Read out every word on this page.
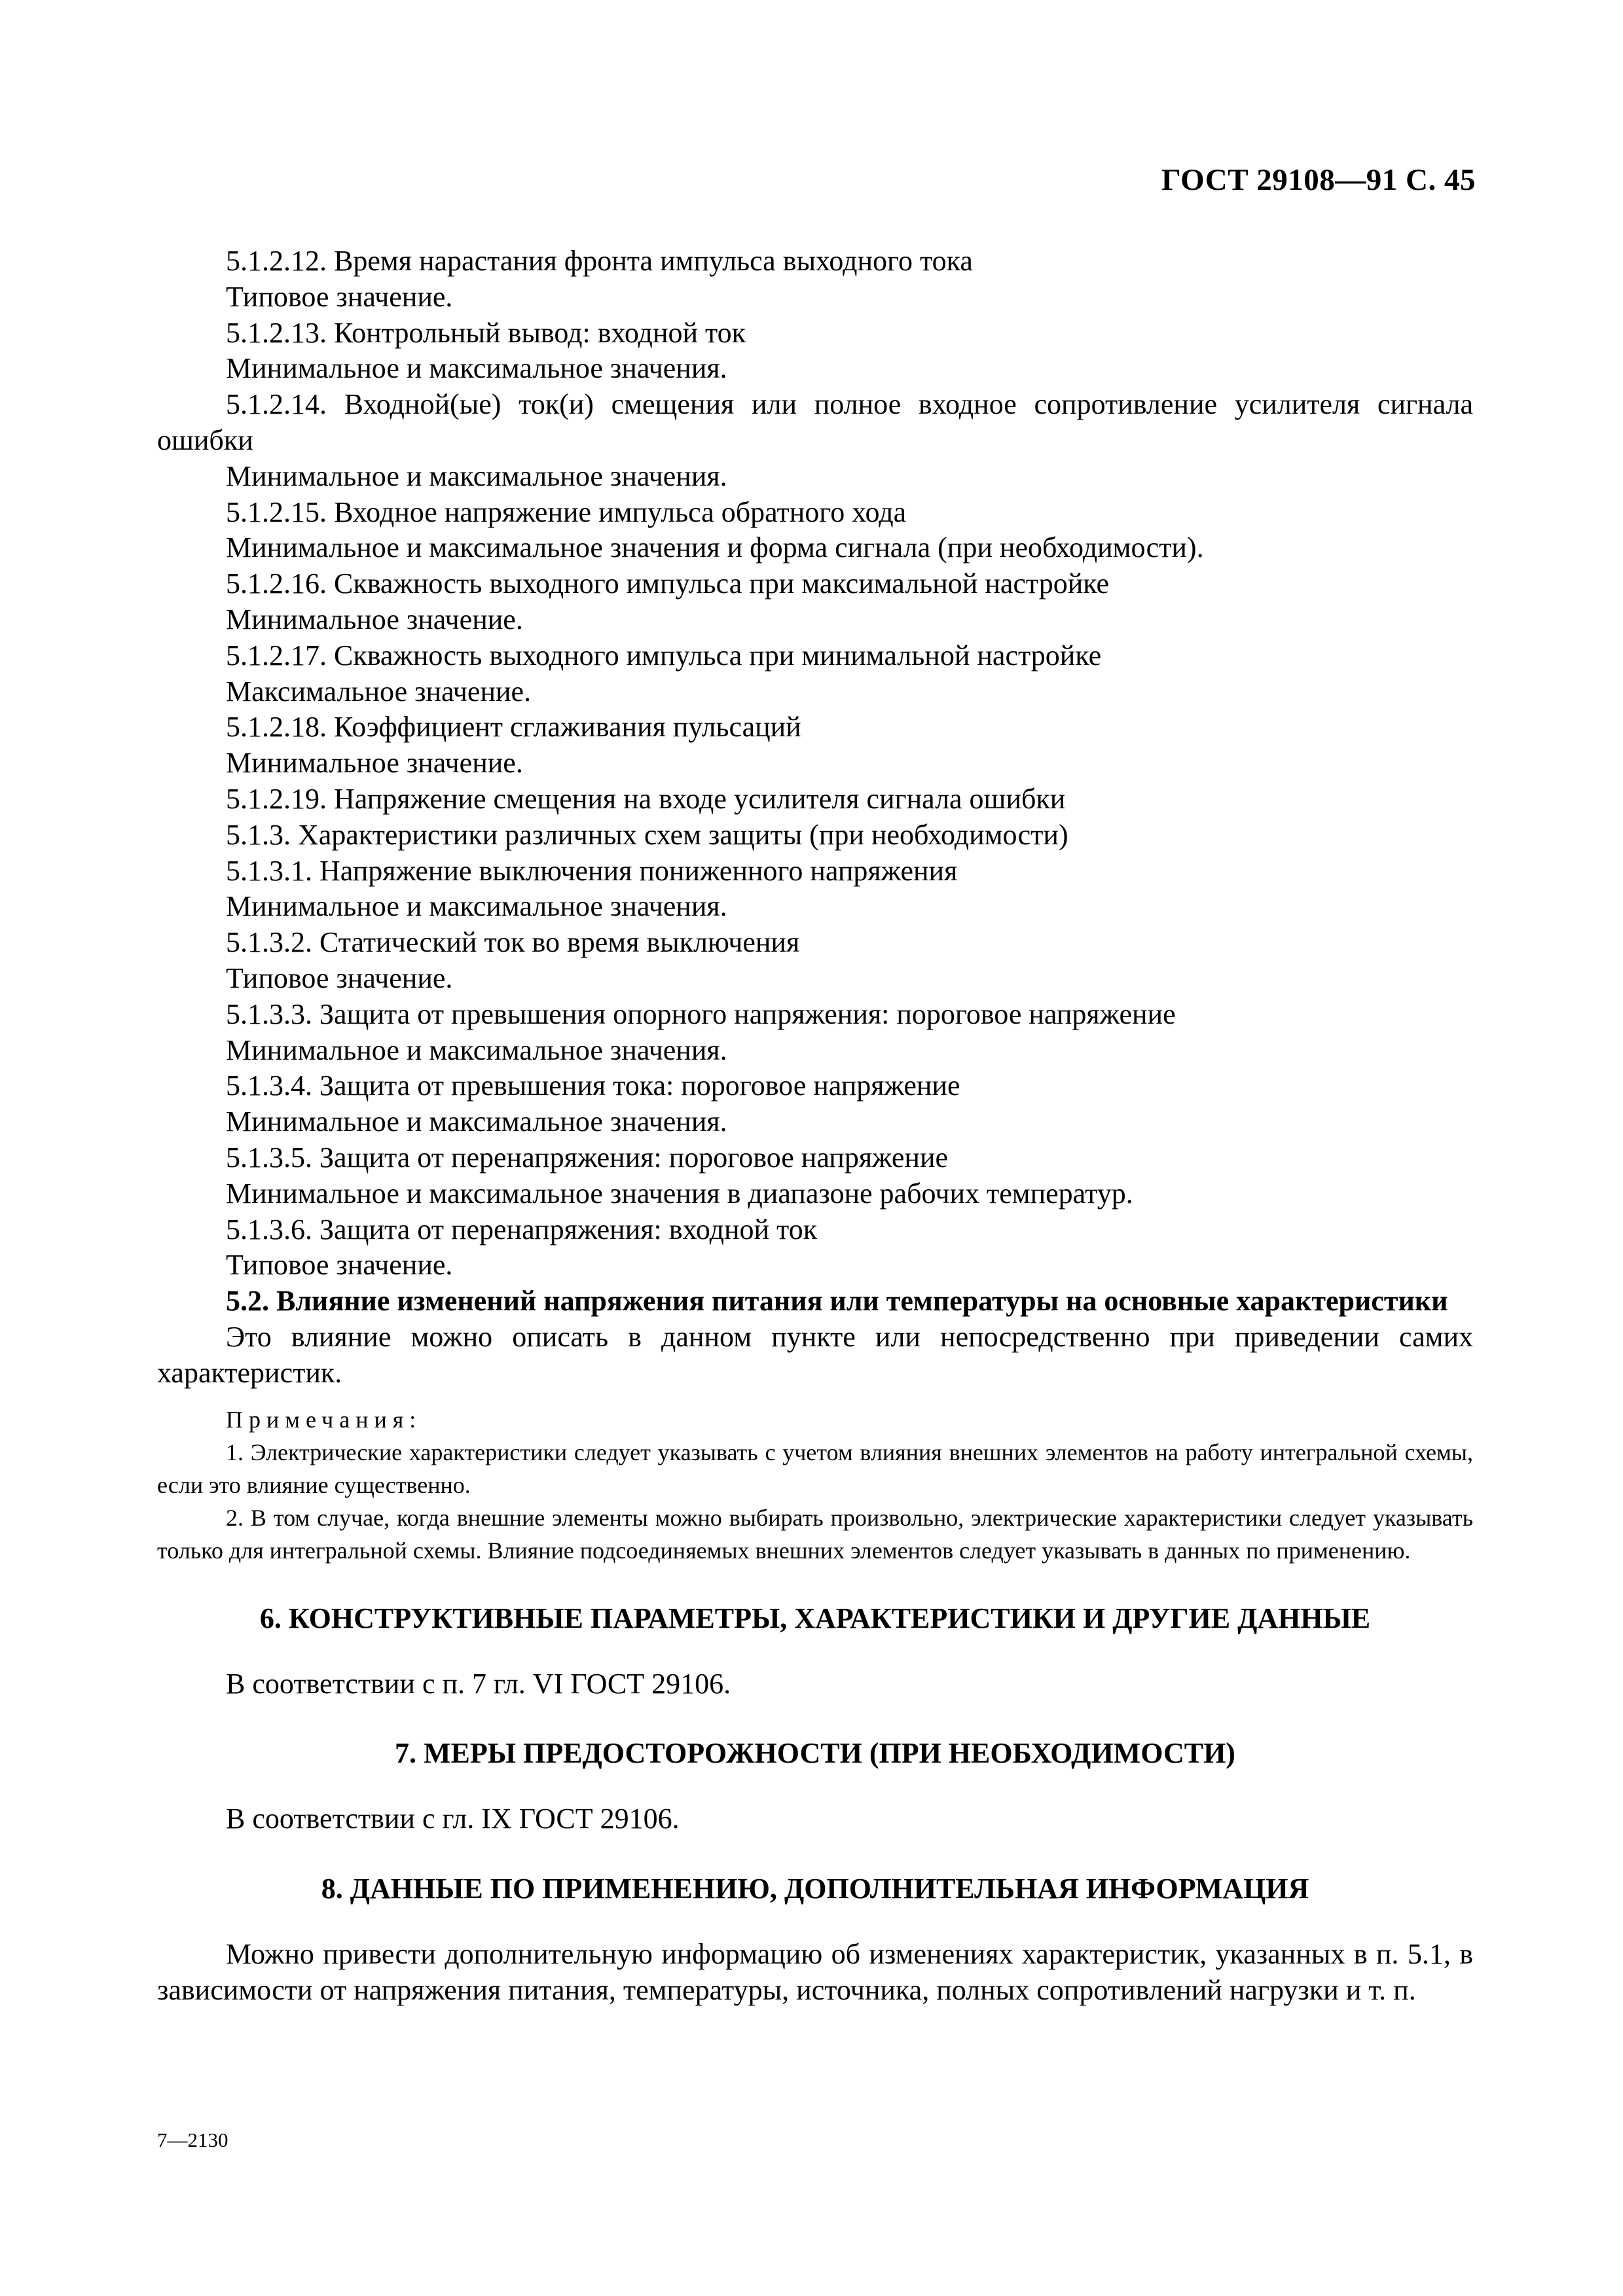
ГОСТ 29108—91 С. 45

5.1.2.12. Время нарастания фронта импульса выходного тока

Типовое значение.

5.1.2.13. Контрольный вывод: входной ток

Минимальное и максимальное значения.

5.1.2.14. Входной(ые) ток(и) смещения или полное входное сопротивление усилителя сигнала ошибки

Минимальное и максимальное значения.

5.1.2.15. Входное напряжение импульса обратного хода

Минимальное и максимальное значения и форма сигнала (при необходимости).

5.1.2.16. Скважность выходного импульса при максимальной настройке

Минимальное значение.

5.1.2.17. Скважность выходного импульса при минимальной настройке

Максимальное значение.

5.1.2.18. Коэффициент сглаживания пульсаций

Минимальное значение.

5.1.2.19. Напряжение смещения на входе усилителя сигнала ошибки

5.1.3. Характеристики различных схем защиты (при необходимости)

5.1.3.1. Напряжение выключения пониженного напряжения

Минимальное и максимальное значения.

5.1.3.2. Статический ток во время выключения

Типовое значение.

5.1.3.3. Защита от превышения опорного напряжения: пороговое напряжение

Минимальное и максимальное значения.

5.1.3.4. Защита от превышения тока: пороговое напряжение

Минимальное и максимальное значения.

5.1.3.5. Защита от перенапряжения: пороговое напряжение

Минимальное и максимальное значения в диапазоне рабочих температур.

5.1.3.6. Защита от перенапряжения: входной ток

Типовое значение.

5.2. Влияние изменений напряжения питания или температуры на основные характеристики

Это влияние можно описать в данном пункте или непосредственно при приведении самих характеристик.

Примечания:

1. Электрические характеристики следует указывать с учетом влияния внешних элементов на работу интегральной схемы, если это влияние существенно.

2. В том случае, когда внешние элементы можно выбирать произвольно, электрические характеристики следует указывать только для интегральной схемы. Влияние подсоединяемых внешних элементов следует указывать в данных по применению.

6. КОНСТРУКТИВНЫЕ ПАРАМЕТРЫ, ХАРАКТЕРИСТИКИ И ДРУГИЕ ДАННЫЕ

В соответствии с п. 7 гл. VI ГОСТ 29106.

7. МЕРЫ ПРЕДОСТОРОЖНОСТИ (ПРИ НЕОБХОДИМОСТИ)

В соответствии с гл. IX ГОСТ 29106.

8. ДАННЫЕ ПО ПРИМЕНЕНИЮ, ДОПОЛНИТЕЛЬНАЯ ИНФОРМАЦИЯ

Можно привести дополнительную информацию об изменениях характеристик, указанных в п. 5.1, в зависимости от напряжения питания, температуры, источника, полных сопротивлений нагрузки и т. п.

7—2130
